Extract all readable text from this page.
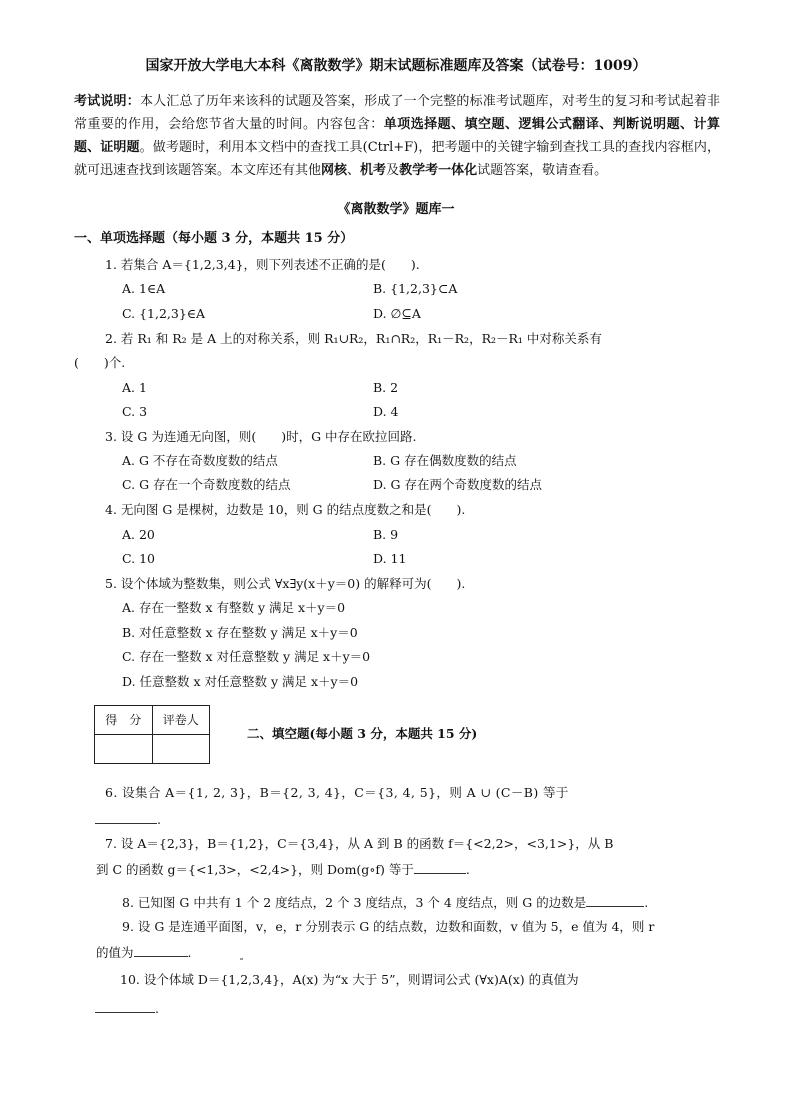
国家开放大学电大本科《离散数学》期末试题标准题库及答案（试卷号：1009）
考试说明：本人汇总了历年来该科的试题及答案，形成了一个完整的标准考试题库，对考生的复习和考试起着非常重要的作用，会给您节省大量的时间。内容包含：单项选择题、填空题、逻辑公式翻译、判断说明题、计算题、证明题。做考题时，利用本文档中的查找工具(Ctrl+F)，把考题中的关键字输到查找工具的查找内容框内，就可迅速查找到该题答案。本文库还有其他网核、机考及教学考一体化试题答案，敬请查看。
《离散数学》题库一
一、单项选择题（每小题 3 分，本题共 15 分）
1. 若集合 A＝{1,2,3,4}，则下列表述不正确的是(　　).
A. 1∈A	B. {1,2,3}⊂A
C. {1,2,3}∈A	D. ∅⊆A
2. 若 R₁ 和 R₂ 是 A 上的对称关系，则 R₁∪R₂，R₁∩R₂，R₁－R₂，R₂－R₁ 中对称关系有
(　　)个.
A. 1	B. 2
C. 3	D. 4
3. 设 G 为连通无向图，则(　　)时，G 中存在欧拉回路.
A. G 不存在奇数度数的结点	B. G 存在偶数度数的结点
C. G 存在一个奇数度数的结点	D. G 存在两个奇数度数的结点
4. 无向图 G 是棵树，边数是 10，则 G 的结点度数之和是(　　).
A. 20	B. 9
C. 10	D. 11
5. 设个体域为整数集，则公式 ∀x∃y(x＋y＝0) 的解释可为(　　).
A. 存在一整数 x 有整数 y 满足 x＋y＝0
B. 对任意整数 x 存在整数 y 满足 x＋y＝0
C. 存在一整数 x 对任意整数 y 满足 x＋y＝0
D. 任意整数 x 对任意整数 y 满足 x＋y＝0
得　分	评卷人

二、填空题(每小题 3 分，本题共 15 分)
6. 设集合 A＝{1, 2, 3}，B＝{2, 3, 4}，C＝{3, 4, 5}，则 A ∪ (C－B) 等于
.
7. 设 A＝{2,3}，B＝{1,2}，C＝{3,4}，从 A 到 B 的函数 f＝{<2,2>，<3,1>}，从 B
到 C 的函数 g＝{<1,3>，<2,4>}，则 Dom(g∘f) 等于	.
8. 已知图 G 中共有 1 个 2 度结点，2 个 3 度结点，3 个 4 度结点，则 G 的边数是	.
9. 设 G 是连通平面图，v，e，r 分别表示 G 的结点数，边数和面数，v 值为 5，e 值为 4，则 r
的值为	.
10. 设个体域 D＝{1,2,3,4}，A(x) 为“x 大于 5”，则谓词公式 (∀x)A(x) 的真值为
.
